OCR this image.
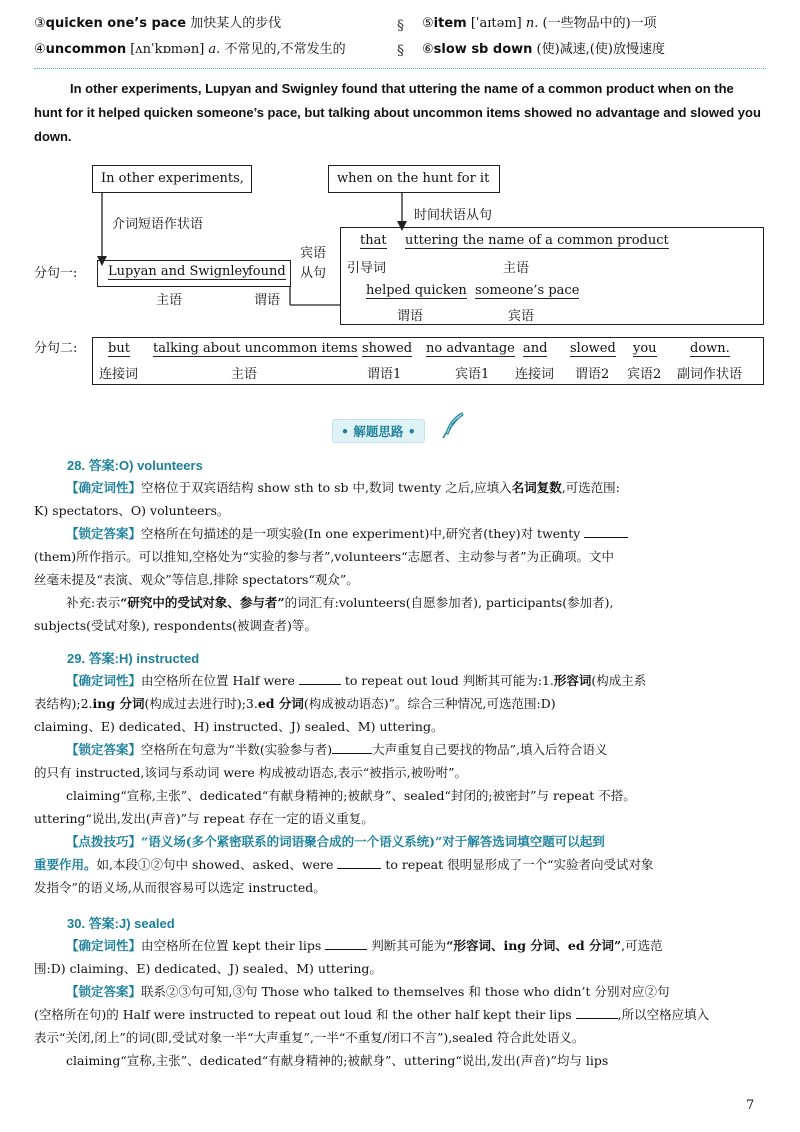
③quicken one’s pace 加快某人的步伐
④uncommon [ʌnˈkɒmən] a. 不常见的,不常发生的
§
§
⑤item [ˈaɪtəm] n. (一些物品中的)一项
⑥slow sb down (使)减速,(使)放慢速度
In other experiments, Lupyan and Swignley found that uttering the name of a common product when on the
hunt for it helped quicken someone’s pace, but talking about uncommon items showed no advantage and slowed you
down.
In other experiments,	when on the hunt for it
介词短语作状语
时间状语从句
分句一:
宾语
从句
Lupyan and Swignley
found
主语	谓语
that uttering the name of a common product
引导词	主语
helped quicken someone’s pace
谓语	宾语
分句二: but
连接词
talking about uncommon items
主语
showed
谓语1
no advantage
宾语1
and
连接词
slowed
谓语2
you
宾语2
down.
副词作状语
• 解题思路 •
28. 答案:O) volunteers
【确定词性】空格位于双宾语结构 show sth to sb 中,数词 twenty 之后,应填入名词复数,可选范围:
K) spectators、O) volunteers。
【锁定答案】空格所在句描述的是一项实验(In one experiment)中,研究者(they)对 twenty
(them)所作指示。可以推知,空格处为“实验的参与者”,volunteers“志愿者、主动参与者”为正确项。文中
丝毫未提及“表演、观众”等信息,排除 spectators“观众”。
补充:表示“研究中的受试对象、参与者”的词汇有:volunteers(自愿参加者), participants(参加者),
subjects(受试对象), respondents(被调查者)等。
29. 答案:H) instructed
【确定词性】由空格所在位置 Half were	to repeat out loud 判断其可能为:1.形容词(构成主系
表结构);2.ing 分词(构成过去进行时);3.ed 分词(构成被动语态)”。综合三种情况,可选范围:D)
claiming、E) dedicated、H) instructed、J) sealed、M) uttering。
【锁定答案】空格所在句意为“半数(实验参与者)	大声重复自己要找的物品”,填入后符合语义
的只有 instructed,该词与系动词 were 构成被动语态,表示“被指示,被吩咐”。
claiming“宣称,主张”、dedicated“有献身精神的;被献身”、sealed“封闭的;被密封”与 repeat 不搭。
uttering“说出,发出(声音)”与 repeat 存在一定的语义重复。
【点拨技巧】“语义场(多个紧密联系的词语聚合成的一个语义系统)”对于解答选词填空题可以起到
重要作用。如,本段①②句中 showed、asked、were	to repeat 很明显形成了一个“实验者向受试对象
发指令”的语义场,从而很容易可以选定 instructed。
30. 答案:J) sealed
【确定词性】由空格所在位置 kept their lips	判断其可能为“形容词、ing 分词、ed 分词”,可选范
围:D) claiming、E) dedicated、J) sealed、M) uttering。
【锁定答案】联系②③句可知,③句 Those who talked to themselves 和 those who didn’t 分别对应②句
(空格所在句)的 Half were instructed to repeat out loud 和 the other half kept their lips	,所以空格应填入
表示“关闭,闭上”的词(即,受试对象一半“大声重复”,一半“不重复/闭口不言”),sealed 符合此处语义。
claiming“宣称,主张”、dedicated“有献身精神的;被献身”、uttering“说出,发出(声音)”均与 lips
7
